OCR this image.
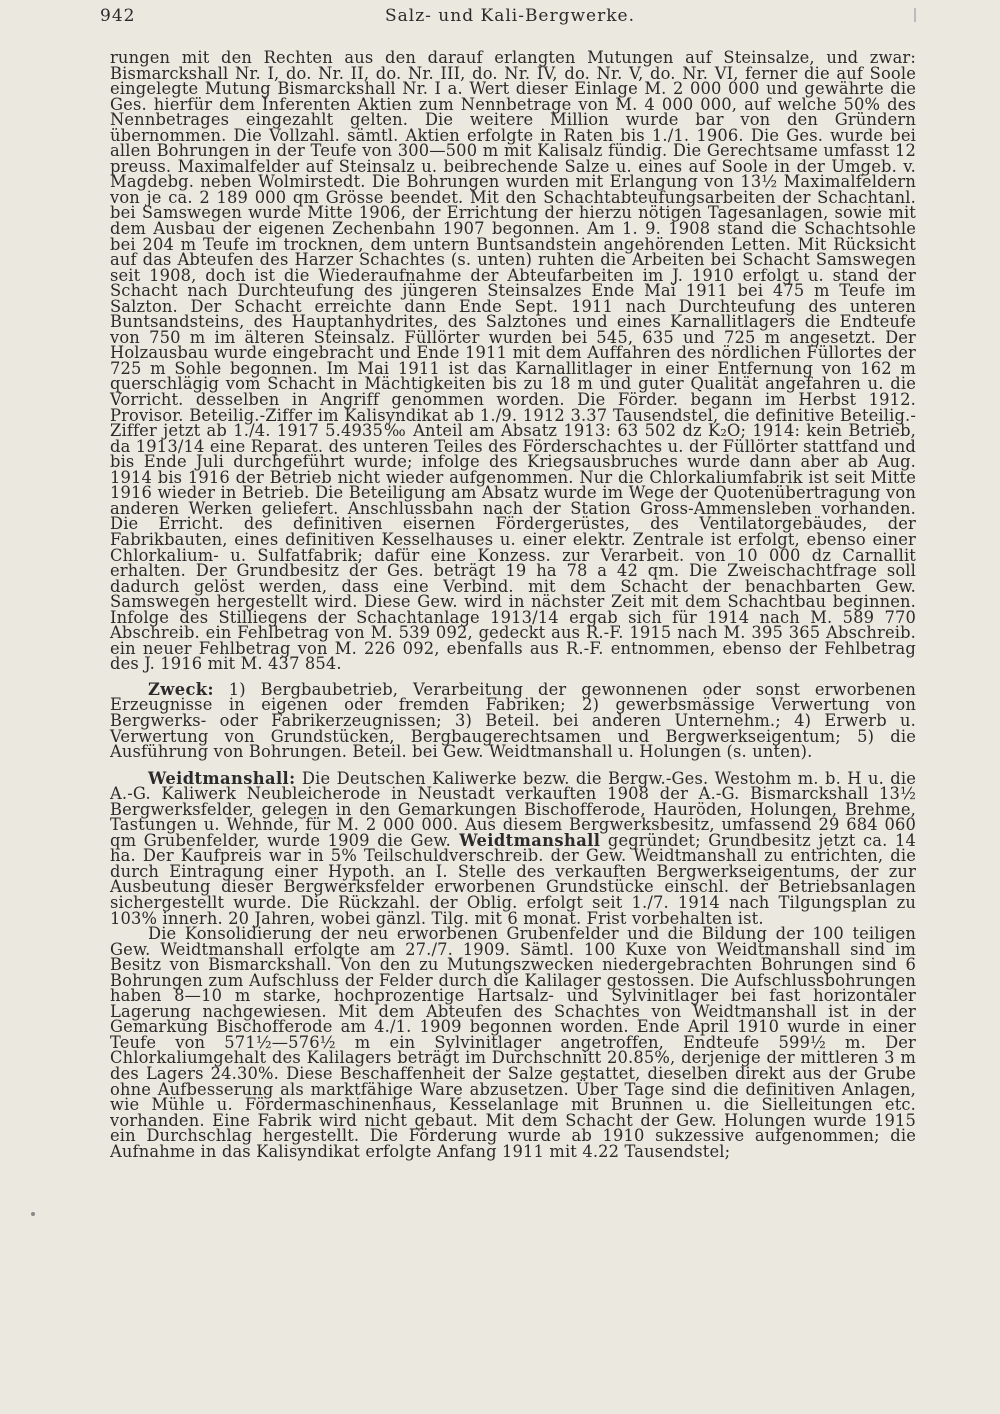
942	Salz- und Kali-Bergwerke.

rungen mit den Rechten aus den darauf erlangten Mutungen auf Steinsalze, und zwar: Bismarckshall Nr. I, do. Nr. II, do. Nr. III, do. Nr. IV, do. Nr. V, do. Nr. VI, ferner die auf Soole eingelegte Mutung Bismarckshall Nr. I a. Wert dieser Einlage M. 2 000 000 und gewährte die Ges. hierfür dem Inferenten Aktien zum Nennbetrage von M. 4 000 000, auf welche 50% des Nennbetrages eingezahlt gelten. Die weitere Million wurde bar von den Gründern übernommen. Die Vollzahl. sämtl. Aktien erfolgte in Raten bis 1./1. 1906. Die Ges. wurde bei allen Bohrungen in der Teufe von 300—500 m mit Kalisalz fündig. Die Gerechtsame umfasst 12 preuss. Maximalfelder auf Steinsalz u. beibrechende Salze u. eines auf Soole in der Umgeb. v. Magdebg. neben Wolmirstedt. Die Bohrungen wurden mit Erlangung von 13½ Maximalfeldern von je ca. 2 189 000 qm Grösse beendet. Mit den Schachtabteufungsarbeiten der Schachtanl. bei Samswegen wurde Mitte 1906, der Errichtung der hierzu nötigen Tagesanlagen, sowie mit dem Ausbau der eigenen Zechenbahn 1907 begonnen. Am 1. 9. 1908 stand die Schachtsohle bei 204 m Teufe im trocknen, dem untern Buntsandstein angehörenden Letten. Mit Rücksicht auf das Abteufen des Harzer Schachtes (s. unten) ruhten die Arbeiten bei Schacht Samswegen seit 1908, doch ist die Wiederaufnahme der Abteufarbeiten im J. 1910 erfolgt u. stand der Schacht nach Durchteufung des jüngeren Steinsalzes Ende Mai 1911 bei 475 m Teufe im Salzton. Der Schacht erreichte dann Ende Sept. 1911 nach Durchteufung des unteren Buntsandsteins, des Hauptanhydrites, des Salztones und eines Karnallitlagers die Endteufe von 750 m im älteren Steinsalz. Füllörter wurden bei 545, 635 und 725 m angesetzt. Der Holzausbau wurde eingebracht und Ende 1911 mit dem Auffahren des nördlichen Füllortes der 725 m Sohle begonnen. Im Mai 1911 ist das Karnallitlager in einer Entfernung von 162 m querschlägig vom Schacht in Mächtigkeiten bis zu 18 m und guter Qualität angefahren u. die Vorricht. desselben in Angriff genommen worden. Die Förder. begann im Herbst 1912. Provisor. Beteilig.-Ziffer im Kalisyndikat ab 1./9. 1912 3.37 Tausendstel, die definitive Beteilig.-Ziffer jetzt ab 1./4. 1917 5.4935‰ Anteil am Absatz 1913: 63 502 dz K₂O; 1914: kein Betrieb, da 1913/14 eine Reparat. des unteren Teiles des Förderschachtes u. der Füllörter stattfand und bis Ende Juli durchgeführt wurde; infolge des Kriegsausbruches wurde dann aber ab Aug. 1914 bis 1916 der Betrieb nicht wieder aufgenommen. Nur die Chlorkaliumfabrik ist seit Mitte 1916 wieder in Betrieb. Die Beteiligung am Absatz wurde im Wege der Quotenübertragung von anderen Werken geliefert. Anschlussbahn nach der Station Gross-Ammensleben vorhanden. Die Erricht. des definitiven eisernen Fördergerüstes, des Ventilatorgebäudes, der Fabrikbauten, eines definitiven Kesselhauses u. einer elektr. Zentrale ist erfolgt, ebenso einer Chlorkalium- u. Sulfatfabrik; dafür eine Konzess. zur Verarbeit. von 10 000 dz Carnallit erhalten. Der Grundbesitz der Ges. beträgt 19 ha 78 a 42 qm. Die Zweischachtfrage soll dadurch gelöst werden, dass eine Verbind. mit dem Schacht der benachbarten Gew. Samswegen hergestellt wird. Diese Gew. wird in nächster Zeit mit dem Schachtbau beginnen. Infolge des Stilliegens der Schachtanlage 1913/14 ergab sich für 1914 nach M. 589 770 Abschreib. ein Fehlbetrag von M. 539 092, gedeckt aus R.-F. 1915 nach M. 395 365 Abschreib. ein neuer Fehlbetrag von M. 226 092, ebenfalls aus R.-F. entnommen, ebenso der Fehlbetrag des J. 1916 mit M. 437 854.

Zweck: 1) Bergbaubetrieb, Verarbeitung der gewonnenen oder sonst erworbenen Erzeugnisse in eigenen oder fremden Fabriken; 2) gewerbsmässige Verwertung von Bergwerks- oder Fabrikerzeugnissen; 3) Beteil. bei anderen Unternehm.; 4) Erwerb u. Verwertung von Grundstücken, Bergbaugerechtsamen und Bergwerkseigentum; 5) die Ausführung von Bohrungen. Beteil. bei Gew. Weidtmanshall u. Holungen (s. unten).

Weidtmanshall: Die Deutschen Kaliwerke bezw. die Bergw.-Ges. Westohm m. b. H u. die A.-G. Kaliwerk Neubleicherode in Neustadt verkauften 1908 der A.-G. Bismarckshall 13½ Bergwerksfelder, gelegen in den Gemarkungen Bischofferode, Hauröden, Holungen, Brehme, Tastungen u. Wehnde, für M. 2 000 000. Aus diesem Bergwerksbesitz, umfassend 29 684 060 qm Grubenfelder, wurde 1909 die Gew. Weidtmanshall gegründet; Grundbesitz jetzt ca. 14 ha. Der Kaufpreis war in 5% Teilschuldverschreib. der Gew. Weidtmanshall zu entrichten, die durch Eintragung einer Hypoth. an I. Stelle des verkauften Bergwerkseigentums, der zur Ausbeutung dieser Bergwerksfelder erworbenen Grundstücke einschl. der Betriebsanlagen sichergestellt wurde. Die Rückzahl. der Oblig. erfolgt seit 1./7. 1914 nach Tilgungsplan zu 103% innerh. 20 Jahren, wobei gänzl. Tilg. mit 6 monat. Frist vorbehalten ist.

Die Konsolidierung der neu erworbenen Grubenfelder und die Bildung der 100 teiligen Gew. Weidtmanshall erfolgte am 27./7. 1909. Sämtl. 100 Kuxe von Weidtmanshall sind im Besitz von Bismarckshall. Von den zu Mutungszwecken niedergebrachten Bohrungen sind 6 Bohrungen zum Aufschluss der Felder durch die Kalilager gestossen. Die Aufschlussbohrungen haben 8—10 m starke, hochprozentige Hartsalz- und Sylvinitlager bei fast horizontaler Lagerung nachgewiesen. Mit dem Abteufen des Schachtes von Weidtmanshall ist in der Gemarkung Bischofferode am 4./1. 1909 begonnen worden. Ende April 1910 wurde in einer Teufe von 571½—576½ m ein Sylvinitlager angetroffen, Endteufe 599½ m. Der Chlorkaliumgehalt des Kalilagers beträgt im Durchschnitt 20.85%, derjenige der mittleren 3 m des Lagers 24.30%. Diese Beschaffenheit der Salze gestattet, dieselben direkt aus der Grube ohne Aufbesserung als marktfähige Ware abzusetzen. Über Tage sind die definitiven Anlagen, wie Mühle u. Fördermaschinenhaus, Kesselanlage mit Brunnen u. die Sielleitungen etc. vorhanden. Eine Fabrik wird nicht gebaut. Mit dem Schacht der Gew. Holungen wurde 1915 ein Durchschlag hergestellt. Die Förderung wurde ab 1910 sukzessive aufgenommen; die Aufnahme in das Kalisyndikat erfolgte Anfang 1911 mit 4.22 Tausendstel;
